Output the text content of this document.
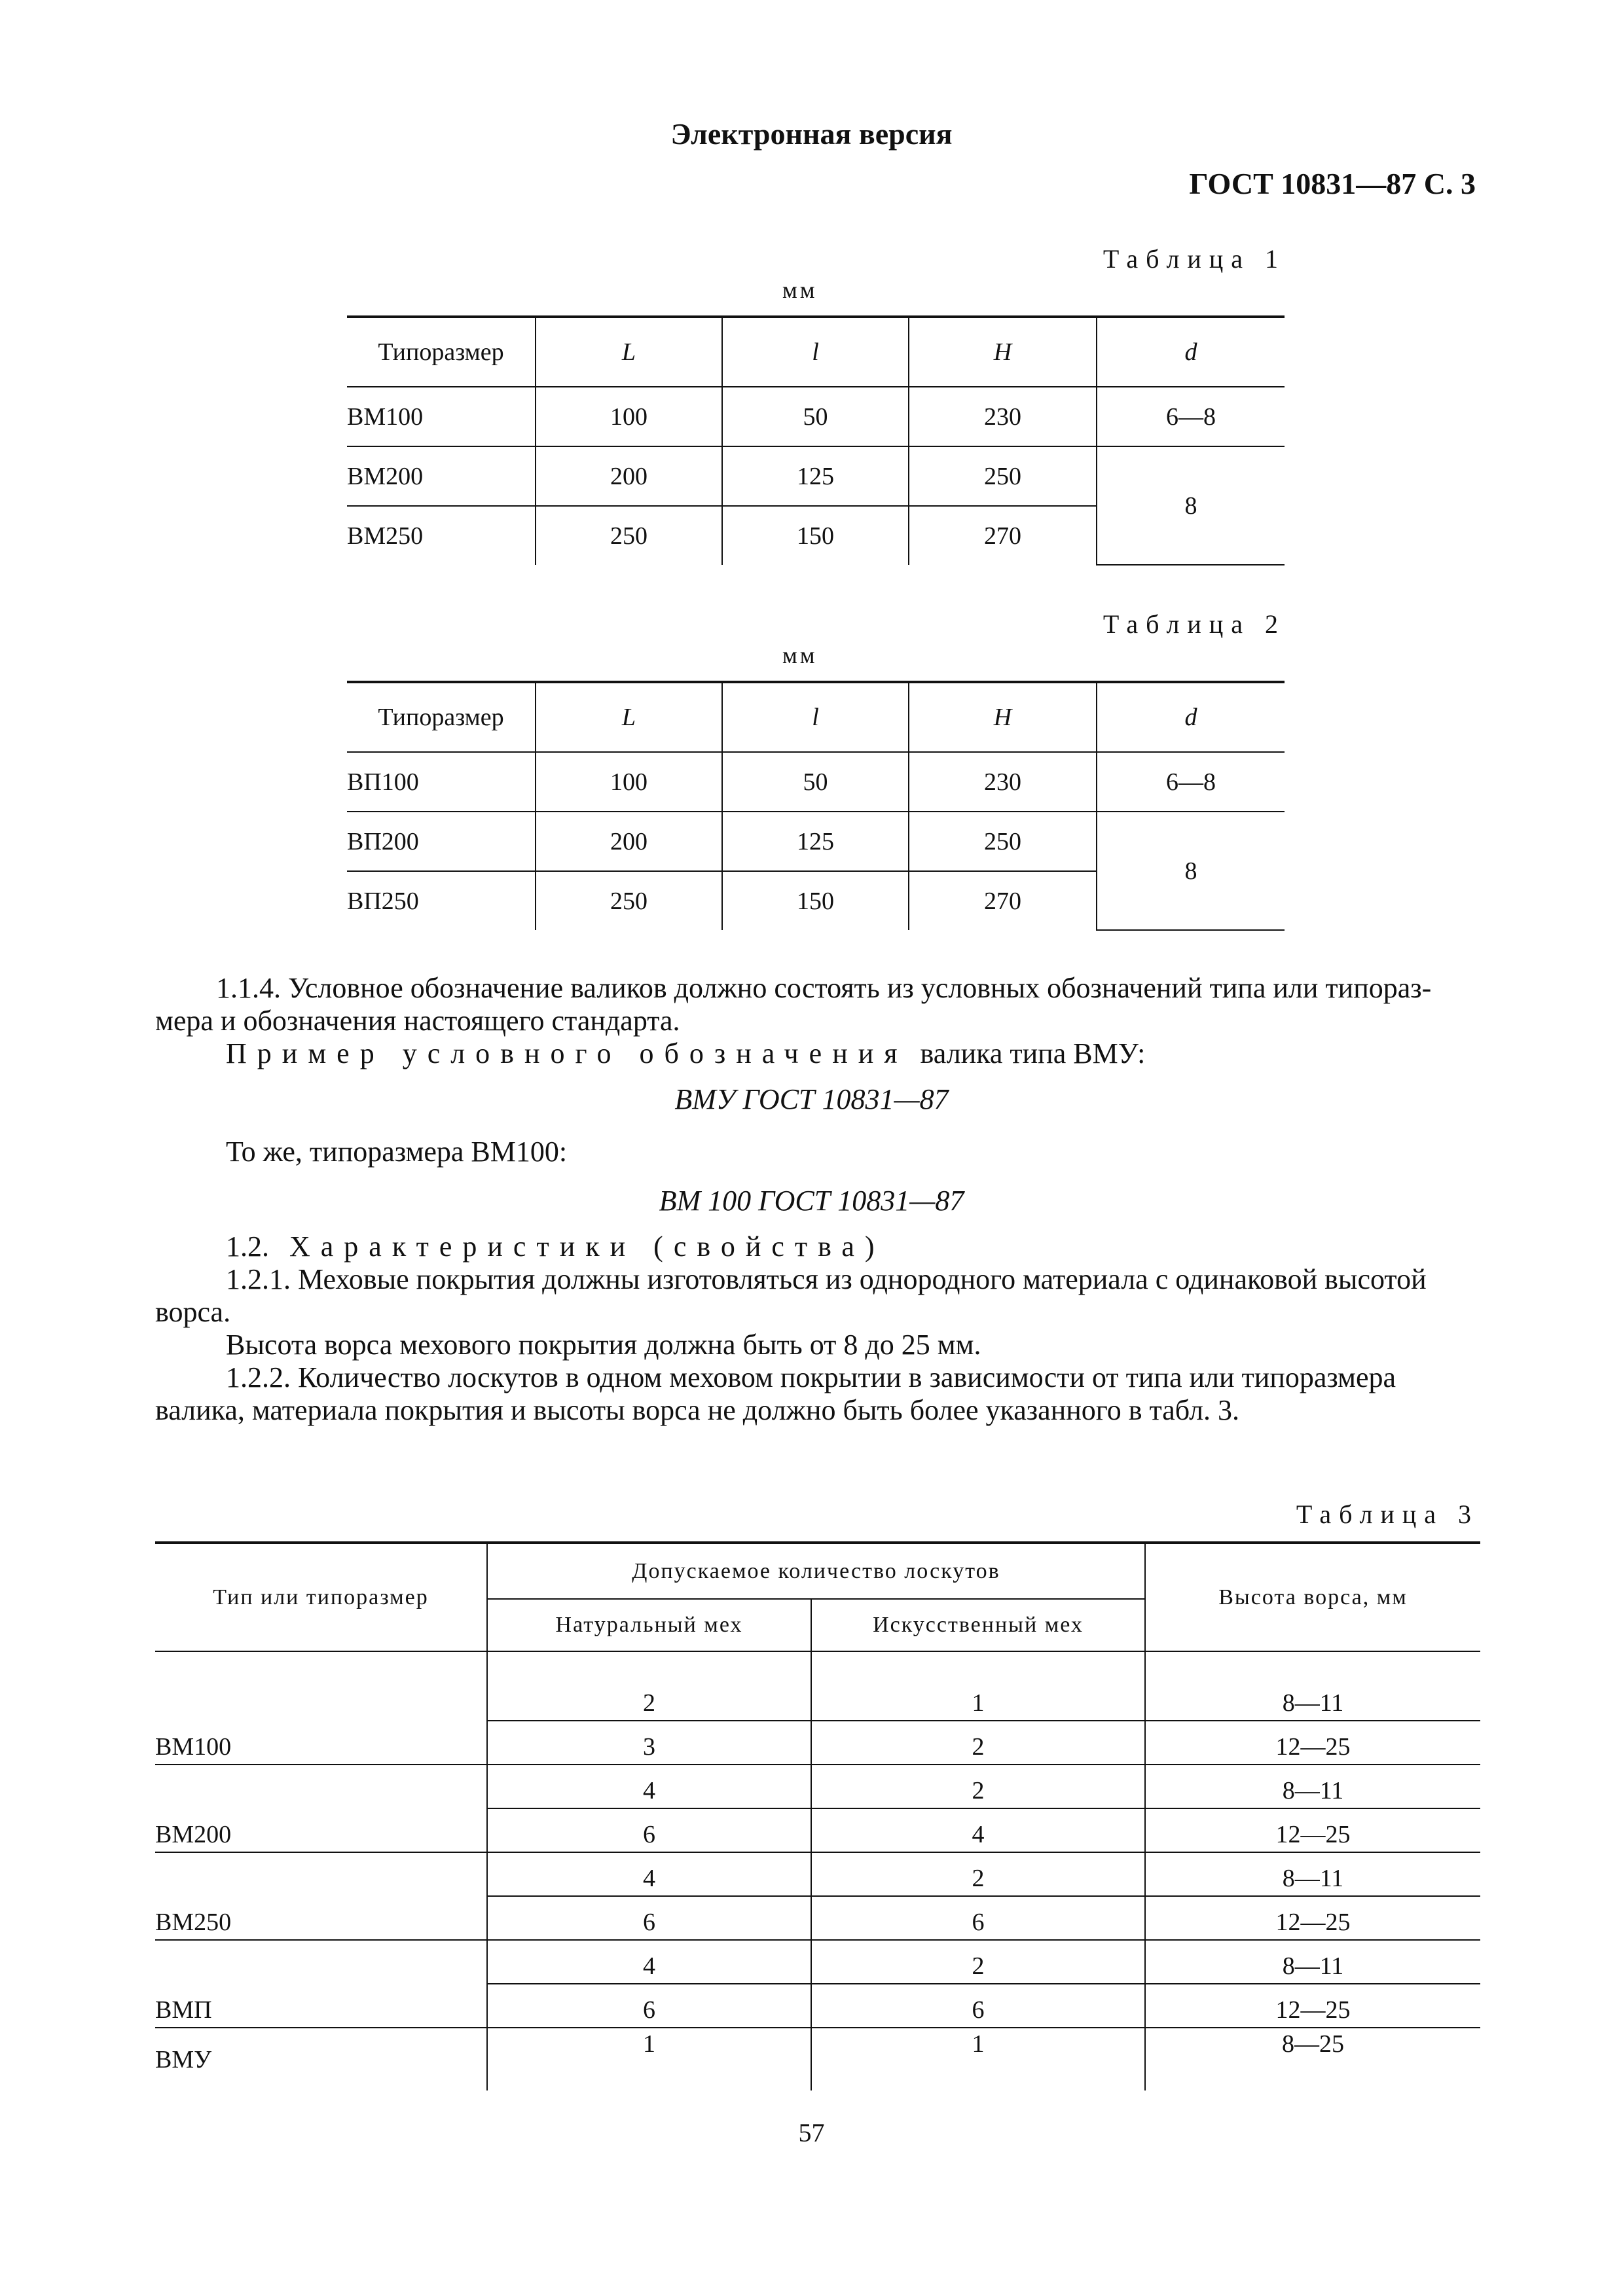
Электронная версия
ГОСТ 10831—87 С. 3
Таблица 1
мм
Типоразмер	L	l	H	d
ВМ100	100	50	230	6—8
ВМ200	200	125	250	8
ВМ250	250	150	270	
Таблица 2
мм
Типоразмер	L	l	H	d
ВП100	100	50	230	6—8
ВП200	200	125	250	8
ВП250	250	150	270	
1.1.4. Условное обозначение валиков должно состоять из условных обозначений типа или типораз-
мера и обозначения настоящего стандарта.
Пример условного обозначения валика типа ВМУ:
ВМУ ГОСТ 10831—87
То же, типоразмера ВМ100:
ВМ 100 ГОСТ 10831—87
1.2. Характеристики (свойства)
1.2.1. Меховые покрытия должны изготовляться из однородного материала с одинаковой высотой
ворса.
Высота ворса мехового покрытия должна быть от 8 до 25 мм.
1.2.2. Количество лоскутов в одном меховом покрытии в зависимости от типа или типоразмера
валика, материала покрытия и высоты ворса не должно быть более указанного в табл. 3.
Таблица 3
Тип или типоразмер	Допускаемое количество лоскутов		Высота ворса, мм
	Натуральный мех	Искусственный мех	
ВМ100	2	1	8—11
	3	2	12—25
ВМ200	4	2	8—11
	6	4	12—25
ВМ250	4	2	8—11
	6	6	12—25
ВМП	4	2	8—11
	6	6	12—25
ВМУ	1	1	8—25
57
